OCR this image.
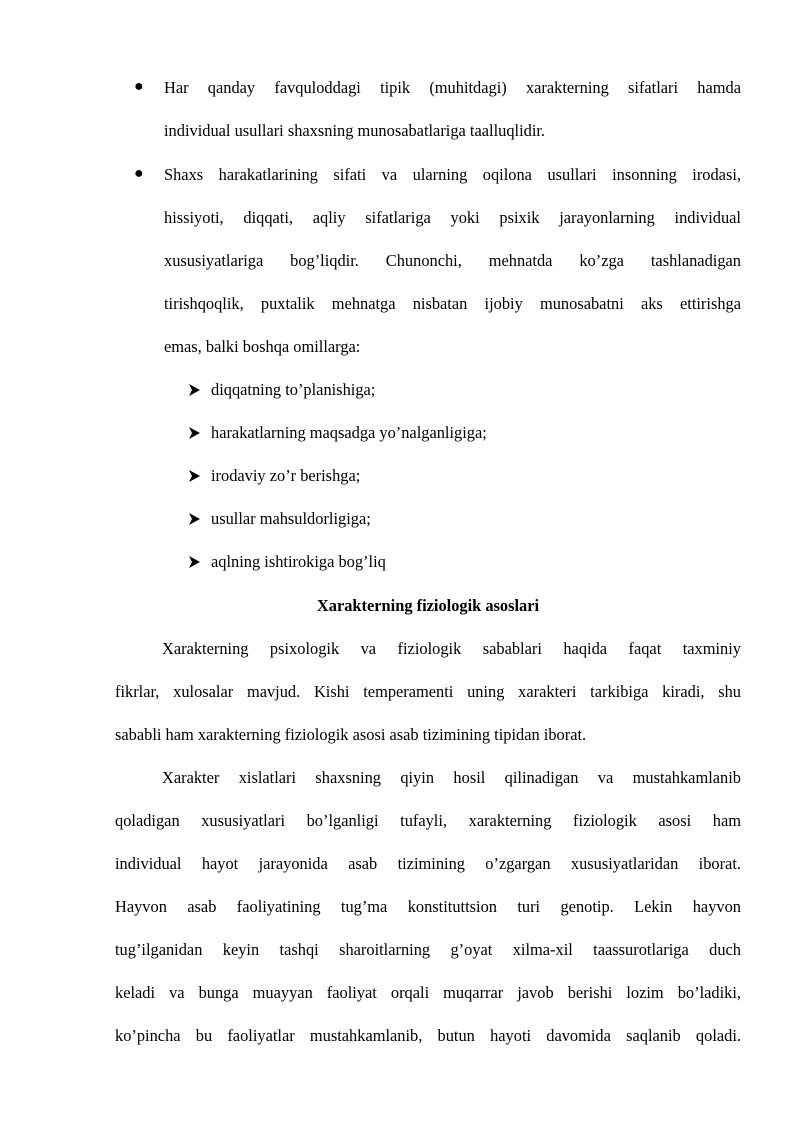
● Har qanday favquloddagi tipik (muhitdagi) xarakterning sifatlari hamda
individual usullari shaxsning munosabatlariga taalluqlidir.
● Shaxs harakatlarining sifati va ularning oqilona usullari insonning irodasi,
hissiyoti, diqqati, aqliy sifatlariga yoki psixik jarayonlarning individual
xususiyatlariga bog’liqdir. Chunonchi, mehnatda ko’zga tashlanadigan
tirishqoqlik, puxtalik mehnatga nisbatan ijobiy munosabatni aks ettirishga
emas, balki boshqa omillarga:
diqqatning to’planishiga;
harakatlarning maqsadga yo’nalganligiga;
irodaviy zo’r berishga;
usullar mahsuldorligiga;
aqlning ishtirokiga bog’liq
Xarakterning fiziologik asoslari
Xarakterning psixologik va fiziologik sabablari haqida faqat taxminiy
fikrlar, xulosalar mavjud. Kishi temperamenti uning xarakteri tarkibiga kiradi, shu
sababli ham xarakterning fiziologik asosi asab tizimining tipidan iborat.
Xarakter xislatlari shaxsning qiyin hosil qilinadigan va mustahkamlanib
qoladigan xususiyatlari bo’lganligi tufayli, xarakterning fiziologik asosi ham
individual hayot jarayonida asab tizimining o’zgargan xususiyatlaridan iborat.
Hayvon asab faoliyatining tug’ma konstituttsion turi genotip. Lekin hayvon
tug’ilganidan keyin tashqi sharoitlarning g’oyat xilma-xil taassurotlariga duch
keladi va bunga muayyan faoliyat orqali muqarrar javob berishi lozim bo’ladiki,
ko’pincha bu faoliyatlar mustahkamlanib, butun hayoti davomida saqlanib qoladi.
